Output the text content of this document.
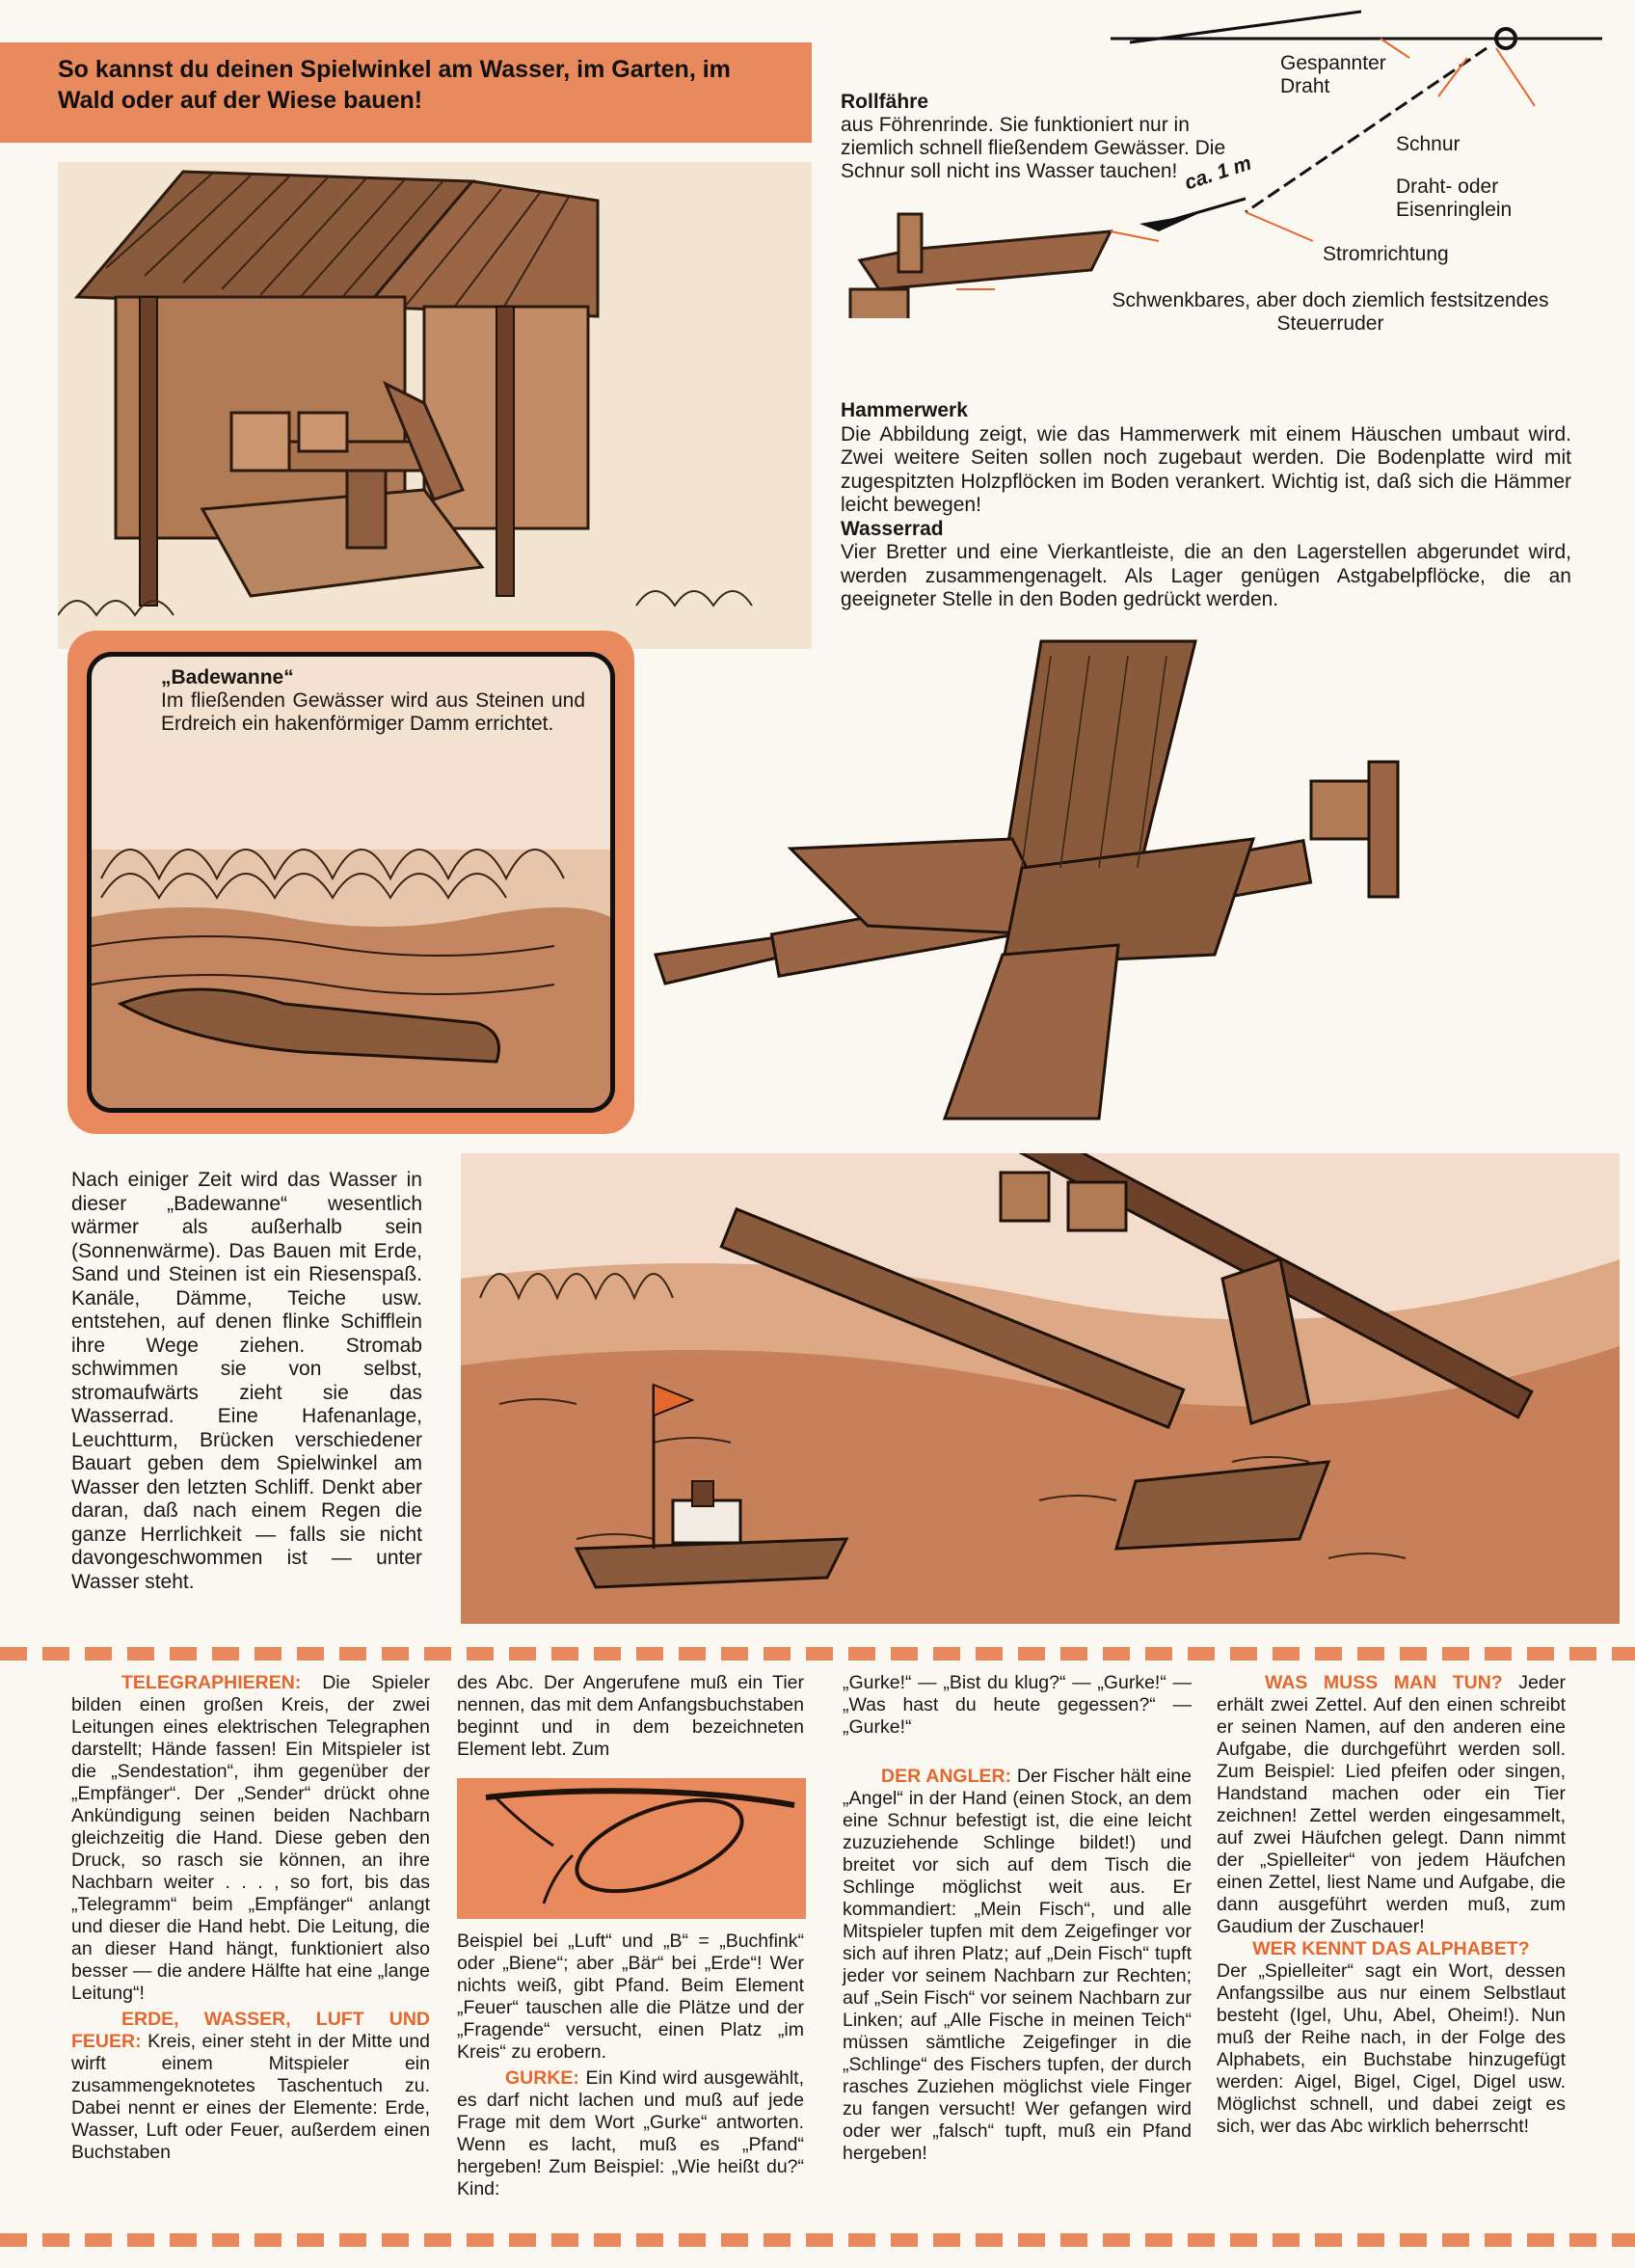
So kannst du deinen Spielwinkel am Wasser, im Garten, im Wald oder auf der Wiese bauen!	Rollfähre
aus Föhrenrinde. Sie funktioniert nur in ziemlich schnell fließendem Gewässer. Die Schnur soll nicht ins Wasser tauchen!
Gespannter Draht
Schnur
Draht- oder Eisenringlein
Stromrichtung
ca. 1 m
Schwenkbares, aber doch ziemlich festsitzendes Steuerruder

Hammerwerk

Die Abbildung zeigt, wie das Hammerwerk mit einem Häuschen umbaut wird. Zwei weitere Seiten sollen noch zugebaut werden. Die Bodenplatte wird mit zugespitzten Holzpflöcken im Boden verankert. Wichtig ist, daß sich die Hämmer leicht bewegen!

Wasserrad

Vier Bretter und eine Vierkantleiste, die an den Lagerstellen abgerundet wird, werden zusammengenagelt. Als Lager genügen Astgabelpflöcke, die an geeigneter Stelle in den Boden gedrückt werden.

„Badewanne“
Im fließenden Gewässer wird aus Steinen und Erdreich ein hakenförmiger Damm errichtet.
Nach einiger Zeit wird das Wasser in dieser „Badewanne“ wesentlich wärmer als außerhalb sein (Sonnenwärme). Das Bauen mit Erde, Sand und Steinen ist ein Riesenspaß. Kanäle, Dämme, Teiche usw. entstehen, auf denen flinke Schifflein ihre Wege ziehen. Stromab schwimmen sie von selbst, stromaufwärts zieht sie das Wasserrad. Eine Hafenanlage, Leuchtturm, Brücken verschiedener Bauart geben dem Spielwinkel am Wasser den letzten Schliff. Denkt aber daran, daß nach einem Regen die ganze Herrlichkeit — falls sie nicht davongeschwommen ist — unter Wasser steht.

TELEGRAPHIEREN: Die Spieler bilden einen großen Kreis, der zwei Leitungen eines elektrischen Telegraphen darstellt; Hände fassen! Ein Mitspieler ist die „Sendestation“, ihm gegenüber der „Empfänger“. Der „Sender“ drückt ohne Ankündigung seinen beiden Nachbarn gleichzeitig die Hand. Diese geben den Druck, so rasch sie können, an ihre Nachbarn weiter . . . , so fort, bis das „Telegramm“ beim „Empfänger“ anlangt und dieser die Hand hebt. Die Leitung, die an dieser Hand hängt, funktioniert also besser — die andere Hälfte hat eine „lange Leitung“!

ERDE, WASSER, LUFT UND FEUER: Kreis, einer steht in der Mitte und wirft einem Mitspieler ein zusammengeknotetes Taschentuch zu. Dabei nennt er eines der Elemente: Erde, Wasser, Luft oder Feuer, außerdem einen Buchstaben

des Abc. Der Angerufene muß ein Tier nennen, das mit dem Anfangsbuchstaben beginnt und in dem bezeichneten Element lebt. Zum

Beispiel bei „Luft“ und „B“ = „Buchfink“ oder „Biene“; aber „Bär“ bei „Erde“! Wer nichts weiß, gibt Pfand. Beim Element „Feuer“ tauschen alle die Plätze und der „Fragende“ versucht, einen Platz „im Kreis“ zu erobern.

GURKE: Ein Kind wird ausgewählt, es darf nicht lachen und muß auf jede Frage mit dem Wort „Gurke“ antworten. Wenn es lacht, muß es „Pfand“ hergeben! Zum Beispiel: „Wie heißt du?“ Kind:

„Gurke!“ — „Bist du klug?“ — „Gurke!“ — „Was hast du heute gegessen?“ — „Gurke!“

DER ANGLER: Der Fischer hält eine „Angel“ in der Hand (einen Stock, an dem eine Schnur befestigt ist, die eine leicht zuzuziehende Schlinge bildet!) und breitet vor sich auf dem Tisch die Schlinge möglichst weit aus. Er kommandiert: „Mein Fisch“, und alle Mitspieler tupfen mit dem Zeigefinger vor sich auf ihren Platz; auf „Dein Fisch“ tupft jeder vor seinem Nachbarn zur Rechten; auf „Sein Fisch“ vor seinem Nachbarn zur Linken; auf „Alle Fische in meinen Teich“ müssen sämtliche Zeigefinger in die „Schlinge“ des Fischers tupfen, der durch rasches Zuziehen möglichst viele Finger zu fangen versucht! Wer gefangen wird oder wer „falsch“ tupft, muß ein Pfand hergeben!

WAS MUSS MAN TUN? Jeder erhält zwei Zettel. Auf den einen schreibt er seinen Namen, auf den anderen eine Aufgabe, die durchgeführt werden soll. Zum Beispiel: Lied pfeifen oder singen, Handstand machen oder ein Tier zeichnen! Zettel werden eingesammelt, auf zwei Häufchen gelegt. Dann nimmt der „Spielleiter“ von jedem Häufchen einen Zettel, liest Name und Aufgabe, die dann ausgeführt werden muß, zum Gaudium der Zuschauer!

WER KENNT DAS ALPHABET?

Der „Spielleiter“ sagt ein Wort, dessen Anfangssilbe aus nur einem Selbstlaut besteht (Igel, Uhu, Abel, Oheim!). Nun muß der Reihe nach, in der Folge des Alphabets, ein Buchstabe hinzugefügt werden: Aigel, Bigel, Cigel, Digel usw. Möglichst schnell, und dabei zeigt es sich, wer das Abc wirklich beherrscht!
